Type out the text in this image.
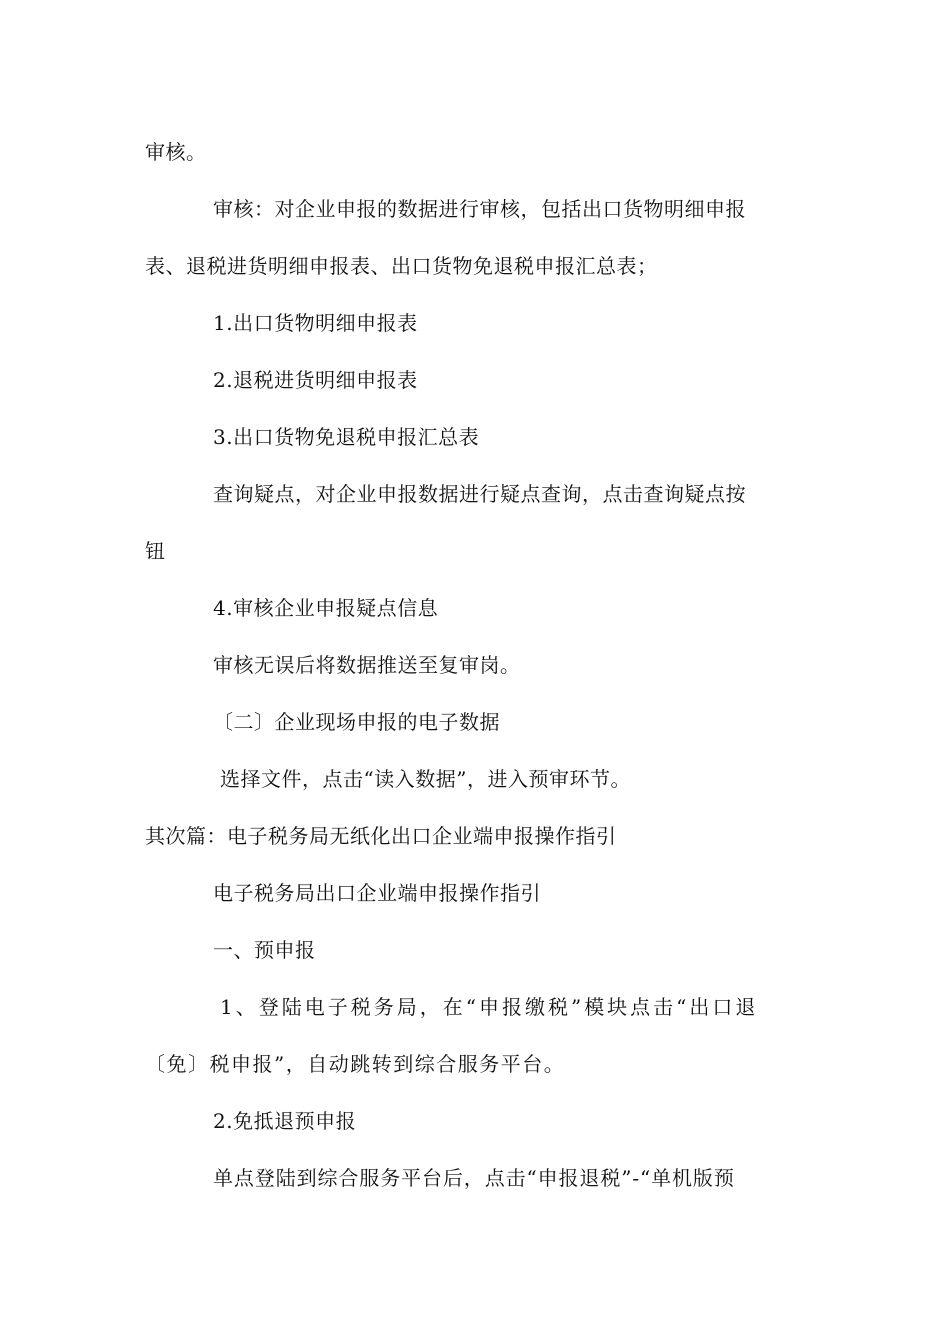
审核。
审核：对企业申报的数据进行审核，包括出口货物明细申报
表、退税进货明细申报表、出口货物免退税申报汇总表；
1.出口货物明细申报表
2.退税进货明细申报表
3.出口货物免退税申报汇总表
查询疑点，对企业申报数据进行疑点查询，点击查询疑点按
钮
4.审核企业申报疑点信息
审核无误后将数据推送至复审岗。
〔二〕企业现场申报的电子数据
选择文件，点击“读入数据”，进入预审环节。
其次篇：电子税务局无纸化出口企业端申报操作指引
电子税务局出口企业端申报操作指引
一、预申报
1、登陆电子税务局，在“申报缴税”模块点击“出口退
〔免〕税申报”，自动跳转到综合服务平台。
2.免抵退预申报
单点登陆到综合服务平台后，点击“申报退税”-“单机版预
